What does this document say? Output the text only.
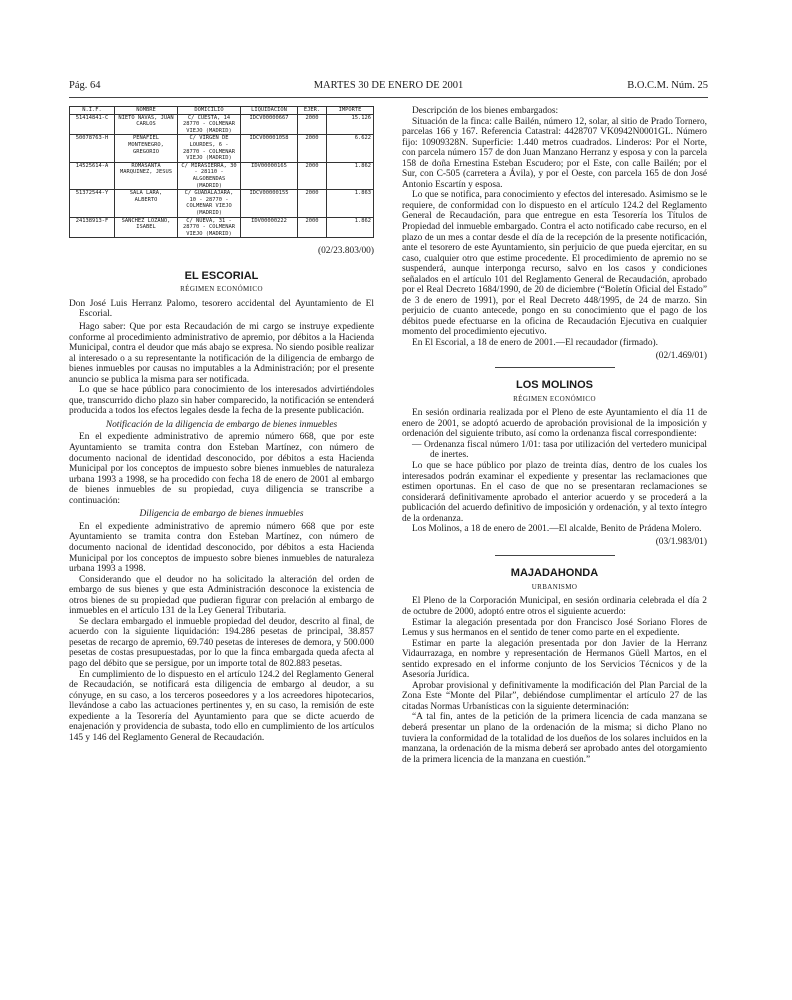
Pág. 64	MARTES 30 DE ENERO DE 2001	B.O.C.M. Núm. 25
N.I.F.	NOMBRE	DOMICILIO	LIQUIDACION	EJER.	IMPORTE
51414841-C	NIETO NAVAS, JUAN CARLOS	C/ CUESTA, 14 28770 - COLMENAR VIEJO (MADRID)	IDCV00000667	2000	15.126
50078763-H	PEÑAFIEL MONTENEGRO, GREGORIO	C/ VIRGEN DE LOURDES, 6 - 28770 - COLMENAR VIEJO (MADRID)	IDCV00001058	2000	6.622
14525614-A	ROMASANTA MARQUINEZ, JESUS	C/ MIRASIERRA, 30 - 28110 - ALGOBENDAS (MADRID)	IDV00000165	2000	1.862
51372544-Y	SALA LARA, ALBERTO	C/ GUADALAJARA, 10 - 28770 - COLMENAR VIEJO (MADRID)	IDCV00000155	2000	1.863
24138913-F	SANCHEZ LOZANO, ISABEL	C/ NUEVA, 31 - 28770 - COLMENAR VIEJO (MADRID)	IDV00000222	2000	1.862

(02/23.803/00)

EL ESCORIAL

RÉGIMEN ECONÓMICO

Don José Luis Herranz Palomo, tesorero accidental del Ayuntamiento de El Escorial.

Hago saber: Que por esta Recaudación de mi cargo se instruye expediente conforme al procedimiento administrativo de apremio, por débitos a la Hacienda Municipal, contra el deudor que más abajo se expresa. No siendo posible realizar al interesado o a su representante la notificación de la diligencia de embargo de bienes inmuebles por causas no imputables a la Administración; por el presente anuncio se publica la misma para ser notificada.

Lo que se hace público para conocimiento de los interesados advirtiéndoles que, transcurrido dicho plazo sin haber comparecido, la notificación se entenderá producida a todos los efectos legales desde la fecha de la presente publicación.

Notificación de la diligencia de embargo de bienes inmuebles

En el expediente administrativo de apremio número 668, que por este Ayuntamiento se tramita contra don Esteban Martínez, con número de documento nacional de identidad desconocido, por débitos a esta Hacienda Municipal por los conceptos de impuesto sobre bienes inmuebles de naturaleza urbana 1993 a 1998, se ha procedido con fecha 18 de enero de 2001 al embargo de bienes inmuebles de su propiedad, cuya diligencia se transcribe a continuación:

Diligencia de embargo de bienes inmuebles

En el expediente administrativo de apremio número 668 que por este Ayuntamiento se tramita contra don Esteban Martínez, con número de documento nacional de identidad desconocido, por débitos a esta Hacienda Municipal por los conceptos de impuesto sobre bienes inmuebles de naturaleza urbana 1993 a 1998.

Considerando que el deudor no ha solicitado la alteración del orden de embargo de sus bienes y que esta Administración desconoce la existencia de otros bienes de su propiedad que pudieran figurar con prelación al embargo de inmuebles en el artículo 131 de la Ley General Tributaria.

Se declara embargado el inmueble propiedad del deudor, descrito al final, de acuerdo con la siguiente liquidación: 194.286 pesetas de principal, 38.857 pesetas de recargo de apremio, 69.740 pesetas de intereses de demora, y 500.000 pesetas de costas presupuestadas, por lo que la finca embargada queda afecta al pago del débito que se persigue, por un importe total de 802.883 pesetas.

En cumplimiento de lo dispuesto en el artículo 124.2 del Reglamento General de Recaudación, se notificará esta diligencia de embargo al deudor, a su cónyuge, en su caso, a los terceros poseedores y a los acreedores hipotecarios, llevándose a cabo las actuaciones pertinentes y, en su caso, la remisión de este expediente a la Tesorería del Ayuntamiento para que se dicte acuerdo de enajenación y providencia de subasta, todo ello en cumplimiento de los artículos 145 y 146 del Reglamento General de Recaudación.

Descripción de los bienes embargados:

Situación de la finca: calle Bailén, número 12, solar, al sitio de Prado Tornero, parcelas 166 y 167. Referencia Catastral: 4428707 VK0942N0001GL. Número fijo: 10909328N. Superficie: 1.440 metros cuadrados. Linderos: Por el Norte, con parcela número 157 de don Juan Manzano Herranz y esposa y con la parcela 158 de doña Ernestina Esteban Escudero; por el Este, con calle Bailén; por el Sur, con C-505 (carretera a Ávila), y por el Oeste, con parcela 165 de don José Antonio Escartín y esposa.

Lo que se notifica, para conocimiento y efectos del interesado. Asimismo se le requiere, de conformidad con lo dispuesto en el artículo 124.2 del Reglamento General de Recaudación, para que entregue en esta Tesorería los Títulos de Propiedad del inmueble embargado. Contra el acto notificado cabe recurso, en el plazo de un mes a contar desde el día de la recepción de la presente notificación, ante el tesorero de este Ayuntamiento, sin perjuicio de que pueda ejercitar, en su caso, cualquier otro que estime procedente. El procedimiento de apremio no se suspenderá, aunque interponga recurso, salvo en los casos y condiciones señalados en el artículo 101 del Reglamento General de Recaudación, aprobado por el Real Decreto 1684/1990, de 20 de diciembre (“Boletín Oficial del Estado” de 3 de enero de 1991), por el Real Decreto 448/1995, de 24 de marzo. Sin perjuicio de cuanto antecede, pongo en su conocimiento que el pago de los débitos puede efectuarse en la oficina de Recaudación Ejecutiva en cualquier momento del procedimiento ejecutivo.

En El Escorial, a 18 de enero de 2001.—El recaudador (firmado).

(02/1.469/01)

LOS MOLINOS

RÉGIMEN ECONÓMICO

En sesión ordinaria realizada por el Pleno de este Ayuntamiento el día 11 de enero de 2001, se adoptó acuerdo de aprobación provisional de la imposición y ordenación del siguiente tributo, así como la ordenanza fiscal correspondiente:

— Ordenanza fiscal número 1/01: tasa por utilización del vertedero municipal de inertes.

Lo que se hace público por plazo de treinta días, dentro de los cuales los interesados podrán examinar el expediente y presentar las reclamaciones que estimen oportunas. En el caso de que no se presentaran reclamaciones se considerará definitivamente aprobado el anterior acuerdo y se procederá a la publicación del acuerdo definitivo de imposición y ordenación, y al texto íntegro de la ordenanza.

Los Molinos, a 18 de enero de 2001.—El alcalde, Benito de Prádena Molero.

(03/1.983/01)

MAJADAHONDA

URBANISMO

El Pleno de la Corporación Municipal, en sesión ordinaria celebrada el día 2 de octubre de 2000, adoptó entre otros el siguiente acuerdo:

Estimar la alegación presentada por don Francisco José Soriano Flores de Lemus y sus hermanos en el sentido de tener como parte en el expediente.

Estimar en parte la alegación presentada por don Javier de la Herranz Vidaurrazaga, en nombre y representación de Hermanos Güell Martos, en el sentido expresado en el informe conjunto de los Servicios Técnicos y de la Asesoría Jurídica.

Aprobar provisional y definitivamente la modificación del Plan Parcial de la Zona Este “Monte del Pilar”, debiéndose cumplimentar el artículo 27 de las citadas Normas Urbanísticas con la siguiente determinación:

“A tal fin, antes de la petición de la primera licencia de cada manzana se deberá presentar un plano de la ordenación de la misma; si dicho Plano no tuviera la conformidad de la totalidad de los dueños de los solares incluidos en la manzana, la ordenación de la misma deberá ser aprobado antes del otorgamiento de la primera licencia de la manzana en cuestión.”
